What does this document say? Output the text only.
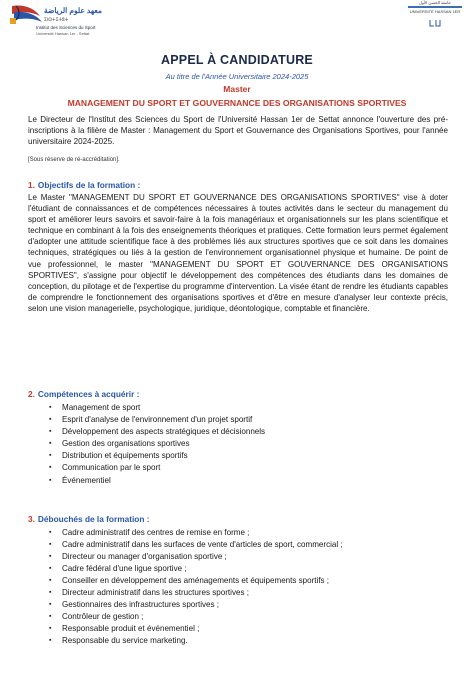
معهد علوم الرياضة
ⵉⵏⵙⵜⵉⵜⵓⵜ
Institut des Sciences du Sport
Université Hassan 1er - Settat
جامعة الحسن الأول
UNIVERSITÉ HASSAN 1ER
APPEL À CANDIDATURE
Au titre de l'Année Universitaire 2024-2025
Master
MANAGEMENT DU SPORT ET GOUVERNANCE DES ORGANISATIONS SPORTIVES
Le Directeur de l'Institut des Sciences du Sport de l'Université Hassan 1er de Settat annonce l'ouverture des pré-inscriptions à la filière de Master : Management du Sport et Gouvernance des Organisations Sportives, pour l'année universitaire 2024-2025.
[Sous réserve de ré-accréditation].
1. Objectifs de la formation :
Le Master "MANAGEMENT DU SPORT ET GOUVERNANCE DES ORGANISATIONS SPORTIVES" vise à doter l'étudiant de connaissances et de compétences nécessaires à toutes activités dans le secteur du management du sport et améliorer leurs savoirs et savoir-faire à la fois managériaux et organisationnels sur les plans scientifique et technique en combinant à la fois des enseignements théoriques et pratiques. Cette formation leurs permet également d'adopter une attitude scientifique face à des problèmes liés aux structures sportives que ce soit dans les domaines techniques, stratégiques ou liés à la gestion de l'environnement organisationnel physique et humaine. De point de vue professionnel, le master "MANAGEMENT DU SPORT ET GOUVERNANCE DES ORGANISATIONS SPORTIVES", s'assigne pour objectif le développement des compétences des étudiants dans les domaines de conception, du pilotage et de l'expertise du programme d'intervention. La visée étant de rendre les étudiants capables de comprendre le fonctionnement des organisations sportives et d'être en mesure d'analyser leur contexte précis, selon une vision managerielle, psychologique, juridique, déontologique, comptable et financière.
2. Compétences à acquérir :
▪ Management de sport
▪ Esprit d'analyse de l'environnement d'un projet sportif
▪ Développement des aspects stratégiques et décisionnels
▪ Gestion des organisations sportives
▪ Distribution et équipements sportifs
▪ Communication par le sport
▪ Événementiel
3. Débouchés de la formation :
▪ Cadre administratif des centres de remise en forme ;
▪ Cadre administratif dans les surfaces de vente d'articles de sport, commercial ;
▪ Directeur ou manager d'organisation sportive ;
▪ Cadre fédéral d'une ligue sportive ;
▪ Conseiller en développement des aménagements et équipements sportifs ;
▪ Directeur administratif dans les structures sportives ;
▪ Gestionnaires des infrastructures sportives ;
▪ Contrôleur de gestion ;
▪ Responsable produit et événementiel ;
▪ Responsable du service marketing.
